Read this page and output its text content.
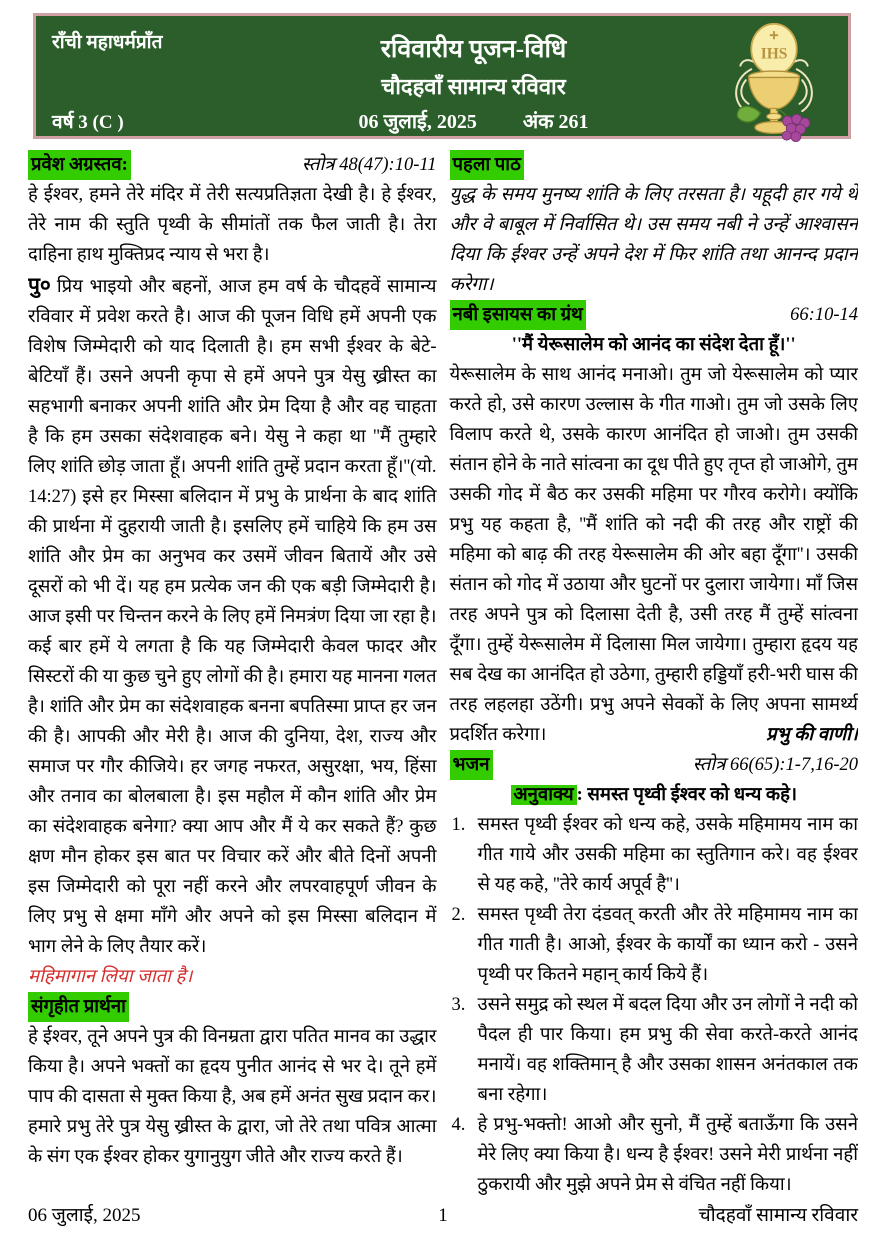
राँची महाधर्मप्राँत
वर्ष 3 (C )
रविवारीय पूजन-विधि
चौदहवाँ सामान्य रविवार
06 जुलाई, 2025 अंक 261
IHS
प्रवेश अग्रस्तव:	स्तोत्र 48(47):10-11

हे ईश्वर, हमने तेरे मंदिर में तेरी सत्यप्रतिज्ञता देखी है। हे ईश्वर, तेरे नाम की स्तुति पृथ्वी के सीमांतों तक फैल जाती है। तेरा दाहिना हाथ मुक्तिप्रद न्याय से भरा है।

पु० प्रिय भाइयो और बहनों, आज हम वर्ष के चौदहवें सामान्य रविवार में प्रवेश करते है। आज की पूजन विधि हमें अपनी एक विशेष जिम्मेदारी को याद दिलाती है। हम सभी ईश्वर के बेटे-बेटियाँ हैं। उसने अपनी कृपा से हमें अपने पुत्र येसु ख्रीस्त का सहभागी बनाकर अपनी शांति और प्रेम दिया है और वह चाहता है कि हम उसका संदेशवाहक बने। येसु ने कहा था ''मैं तुम्हारे लिए शांति छोड़ जाता हूँ। अपनी शांति तुम्हें प्रदान करता हूँ।''(यो. 14:27) इसे हर मिस्सा बलिदान में प्रभु के प्रार्थना के बाद शांति की प्रार्थना में दुहरायी जाती है। इसलिए हमें चाहिये कि हम उस शांति और प्रेम का अनुभव कर उसमें जीवन बितायें और उसे दूसरों को भी दें। यह हम प्रत्येक जन की एक बड़ी जिम्मेदारी है। आज इसी पर चिन्तन करने के लिए हमें निमत्रंण दिया जा रहा है। कई बार हमें ये लगता है कि यह जिम्मेदारी केवल फादर और सिस्टरों की या कुछ चुने हुए लोगों की है। हमारा यह मानना गलत है। शांति और प्रेम का संदेशवाहक बनना बपतिस्मा प्राप्त हर जन की है। आपकी और मेरी है। आज की दुनिया, देश, राज्य और समाज पर गौर कीजिये। हर जगह नफरत, असुरक्षा, भय, हिंसा और तनाव का बोलबाला है। इस महौल में कौन शांति और प्रेम का संदेशवाहक बनेगा? क्या आप और मैं ये कर सकते हैं? कुछ क्षण मौन होकर इस बात पर विचार करें और बीते दिनों अपनी इस जिम्मेदारी को पूरा नहीं करने और लपरवाहपूर्ण जीवन के लिए प्रभु से क्षमा माँगे और अपने को इस मिस्सा बलिदान में भाग लेने के लिए तैयार करें।

महिमागान लिया जाता है।

संगृहीत प्रार्थना

हे ईश्वर, तूने अपने पुत्र की विनम्रता द्वारा पतित मानव का उद्धार किया है। अपने भक्तों का हृदय पुनीत आनंद से भर दे। तूने हमें पाप की दासता से मुक्त किया है, अब हमें अनंत सुख प्रदान कर। हमारे प्रभु तेरे पुत्र येसु ख्रीस्त के द्वारा, जो तेरे तथा पवित्र आत्मा के संग एक ईश्वर होकर युगानुयुग जीते और राज्य करते हैं।

पहला पाठ

युद्ध के समय मुनष्य शांति के लिए तरसता है। यहूदी हार गये थे और वे बाबूल में निर्वासित थे। उस समय नबी ने उन्हें आश्वासन दिया कि ईश्वर उन्हें अपने देश में फिर शांति तथा आनन्द प्रदान करेगा।

नबी इसायस का ग्रंथ	66:10-14

''मैं येरूसालेम को आनंद का संदेश देता हूँ।''

येरूसालेम के साथ आनंद मनाओ। तुम जो येरूसालेम को प्यार करते हो, उसे कारण उल्लास के गीत गाओ। तुम जो उसके लिए विलाप करते थे, उसके कारण आनंदित हो जाओ। तुम उसकी संतान होने के नाते सांत्वना का दूध पीते हुए तृप्त हो जाओगे, तुम उसकी गोद में बैठ कर उसकी महिमा पर गौरव करोगे। क्योंकि प्रभु यह कहता है, ''मैं शांति को नदी की तरह और राष्ट्रों की महिमा को बाढ़ की तरह येरूसालेम की ओर बहा दूँगा''। उसकी संतान को गोद में उठाया और घुटनों पर दुलारा जायेगा। माँ जिस तरह अपने पुत्र को दिलासा देती है, उसी तरह मैं तुम्हें सांत्वना दूँगा। तुम्हें येरूसालेम में दिलासा मिल जायेगा। तुम्हारा हृदय यह सब देख का आनंदित हो उठेगा, तुम्हारी हड्डियाँ हरी-भरी घास की तरह लहलहा उठेंगी। प्रभु अपने सेवकों के लिए अपना सामर्थ्य प्रदर्शित करेगा।	प्रभु की वाणी।

भजन	स्तोत्र 66(65):1-7,16-20

अनुवाक्य : समस्त पृथ्वी ईश्वर को धन्य कहे।

समस्त पृथ्वी ईश्वर को धन्य कहे, उसके महिमामय नाम का गीत गाये और उसकी महिमा का स्तुतिगान करे। वह ईश्वर से यह कहे, ''तेरे कार्य अपूर्व है''।
समस्त पृथ्वी तेरा दंडवत् करती और तेरे महिमामय नाम का गीत गाती है। आओ, ईश्वर के कार्यों का ध्यान करो - उसने पृथ्वी पर कितने महान् कार्य किये हैं।
उसने समुद्र को स्थल में बदल दिया और उन लोगों ने नदी को पैदल ही पार किया। हम प्रभु की सेवा करते-करते आनंद मनायें। वह शक्तिमान् है और उसका शासन अनंतकाल तक बना रहेगा।
हे प्रभु-भक्तो! आओ और सुनो, मैं तुम्हें बताऊँगा कि उसने मेरे लिए क्या किया है। धन्य है ईश्वर! उसने मेरी प्रार्थना नहीं ठुकरायी और मुझे अपने प्रेम से वंचित नहीं किया।
06 जुलाई, 2025	1	चौदहवाँ सामान्य रविवार
